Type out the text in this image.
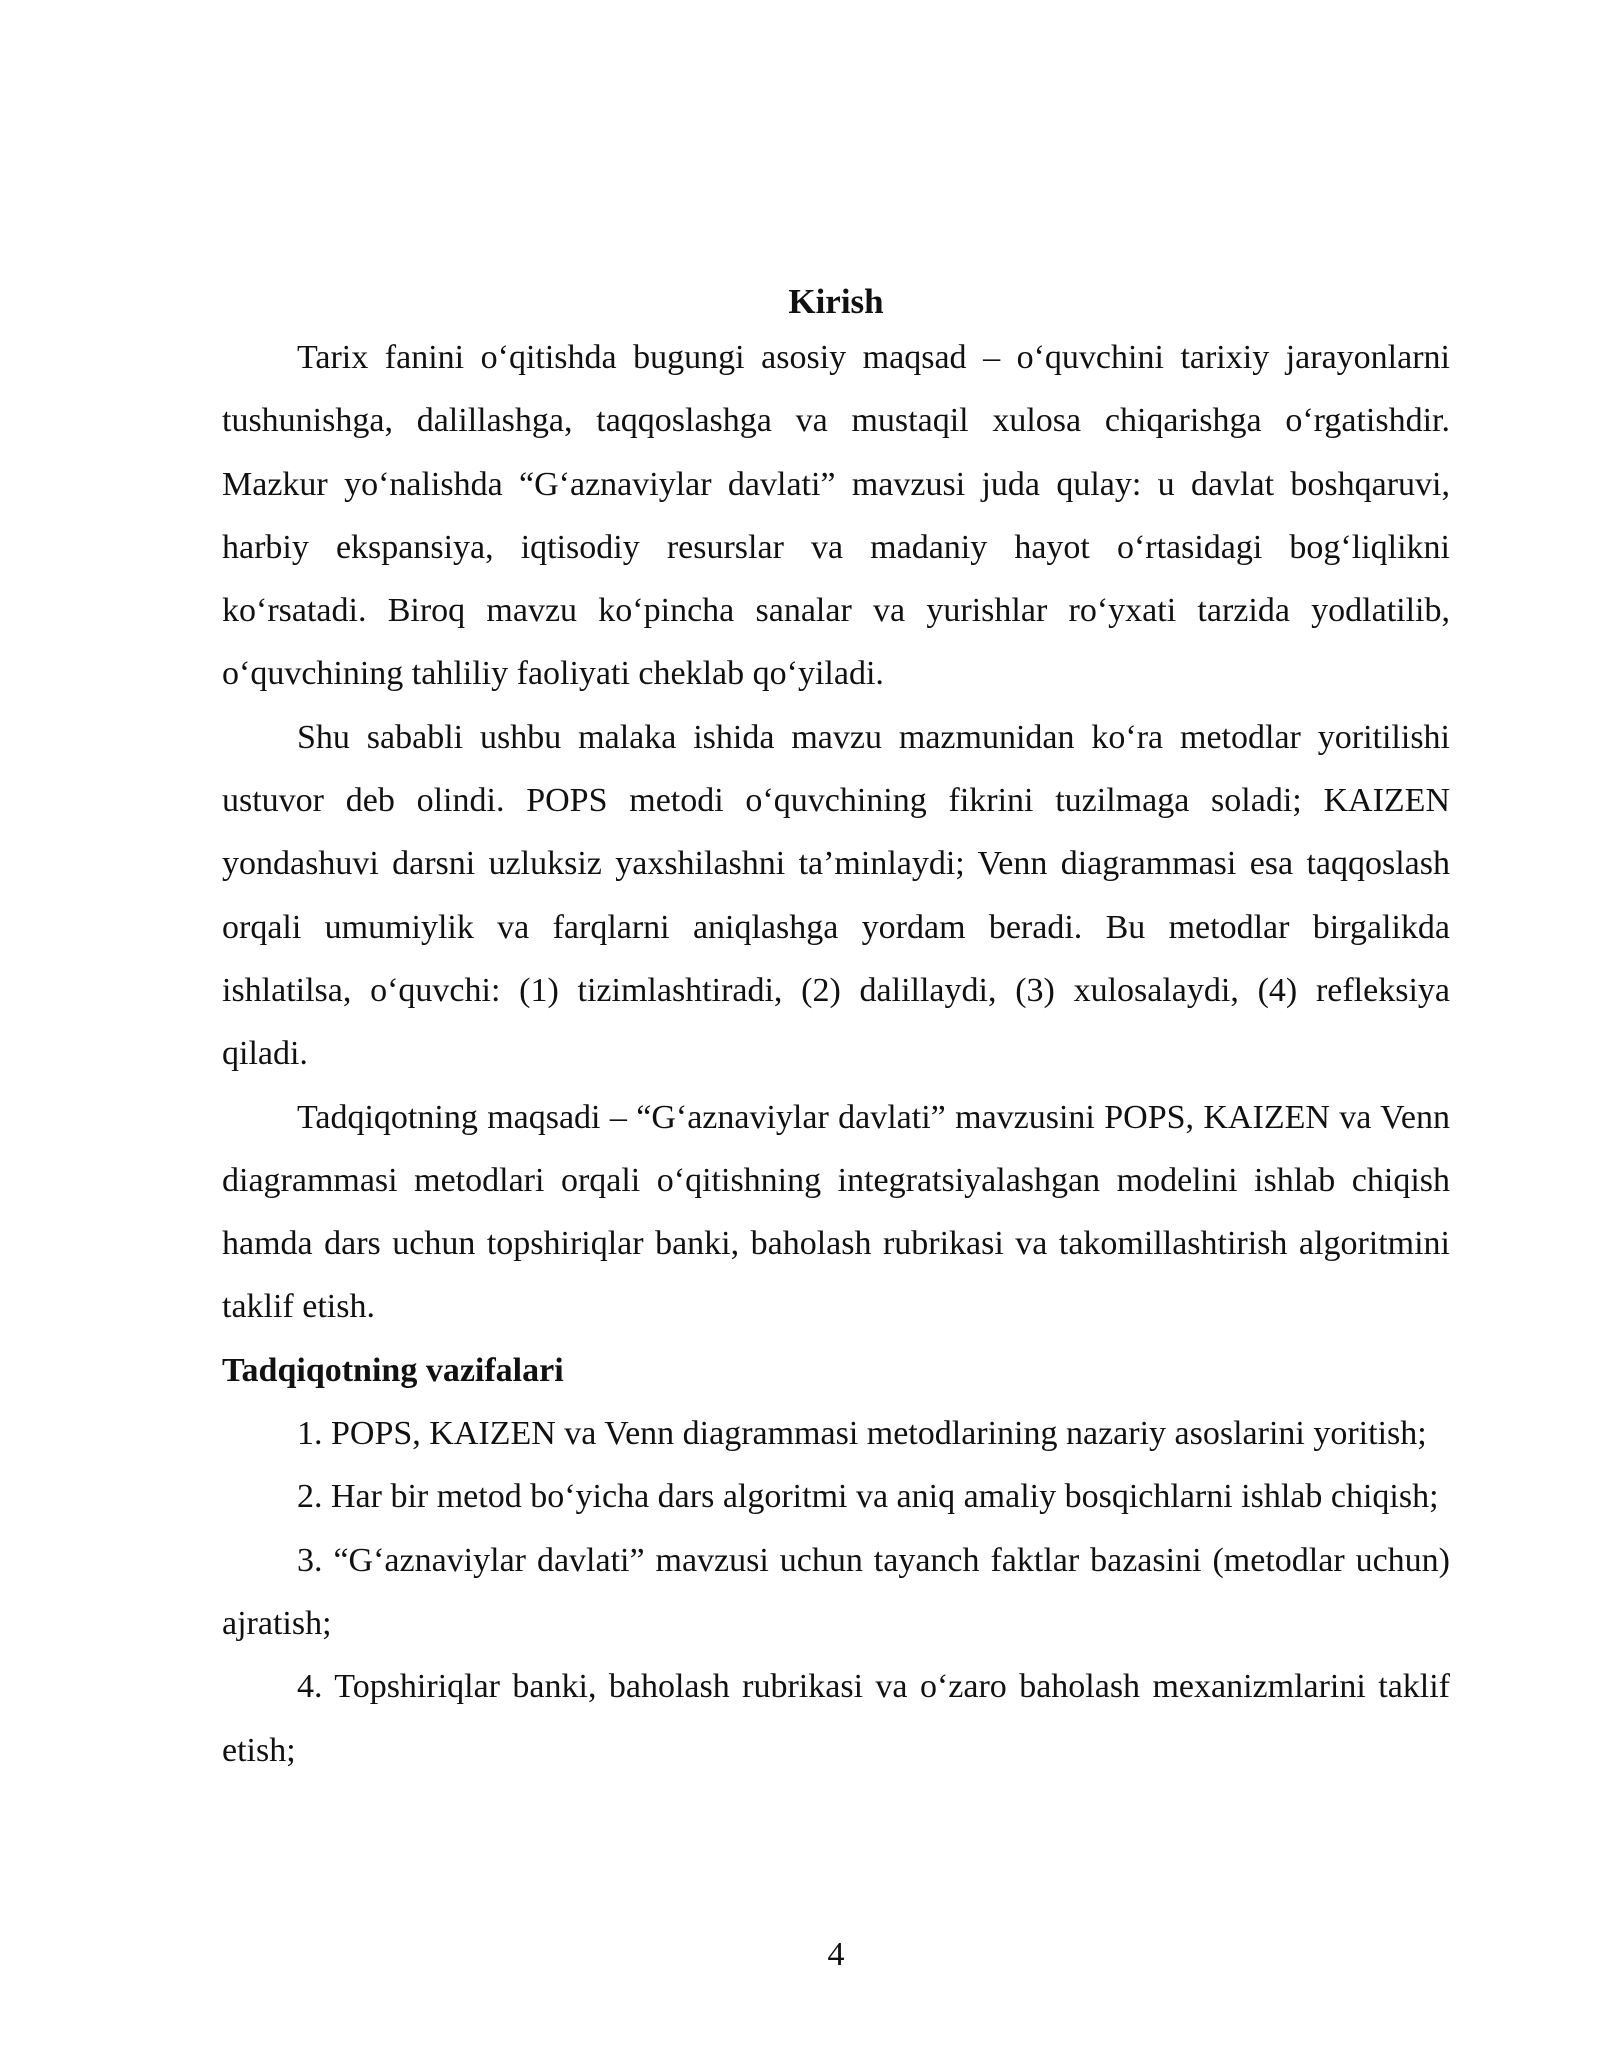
Kirish

Tarix fanini o‘qitishda bugungi asosiy maqsad – o‘quvchini tarixiy jarayonlarni tushunishga, dalillashga, taqqoslashga va mustaqil xulosa chiqarishga o‘rgatishdir. Mazkur yo‘nalishda “G‘aznaviylar davlati” mavzusi juda qulay: u davlat boshqaruvi, harbiy ekspansiya, iqtisodiy resurslar va madaniy hayot o‘rtasidagi bog‘liqlikni ko‘rsatadi. Biroq mavzu ko‘pincha sanalar va yurishlar ro‘yxati tarzida yodlatilib, o‘quvchining tahliliy faoliyati cheklab qo‘yiladi.

Shu sababli ushbu malaka ishida mavzu mazmunidan ko‘ra metodlar yoritilishi ustuvor deb olindi. POPS metodi o‘quvchining fikrini tuzilmaga soladi; KAIZEN yondashuvi darsni uzluksiz yaxshilashni ta’minlaydi; Venn diagrammasi esa taqqoslash orqali umumiylik va farqlarni aniqlashga yordam beradi. Bu metodlar birgalikda ishlatilsa, o‘quvchi: (1) tizimlashtiradi, (2) dalillaydi, (3) xulosalaydi, (4) refleksiya qiladi.

Tadqiqotning maqsadi – “G‘aznaviylar davlati” mavzusini POPS, KAIZEN va Venn diagrammasi metodlari orqali o‘qitishning integratsiyalashgan modelini ishlab chiqish hamda dars uchun topshiriqlar banki, baholash rubrikasi va takomillashtirish algoritmini taklif etish.

Tadqiqotning vazifalari

1. POPS, KAIZEN va Venn diagrammasi metodlarining nazariy asoslarini yoritish;

2. Har bir metod bo‘yicha dars algoritmi va aniq amaliy bosqichlarni ishlab chiqish;

3. “G‘aznaviylar davlati” mavzusi uchun tayanch faktlar bazasini (metodlar uchun) ajratish;

4. Topshiriqlar banki, baholash rubrikasi va o‘zaro baholash mexanizmlarini taklif etish;

4
